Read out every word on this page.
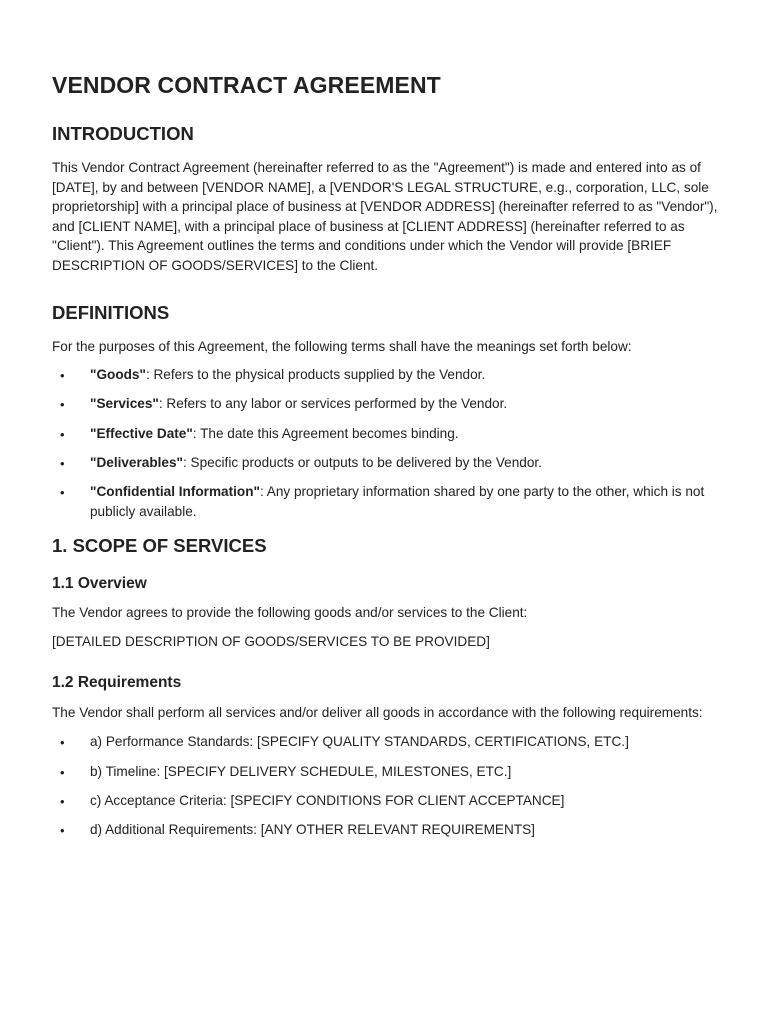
VENDOR CONTRACT AGREEMENT
INTRODUCTION

This Vendor Contract Agreement (hereinafter referred to as the "Agreement") is made and entered into as of [DATE], by and between [VENDOR NAME], a [VENDOR'S LEGAL STRUCTURE, e.g., corporation, LLC, sole proprietorship] with a principal place of business at [VENDOR ADDRESS] (hereinafter referred to as "Vendor"), and [CLIENT NAME], with a principal place of business at [CLIENT ADDRESS] (hereinafter referred to as "Client"). This Agreement outlines the terms and conditions under which the Vendor will provide [BRIEF DESCRIPTION OF GOODS/SERVICES] to the Client.

DEFINITIONS

For the purposes of this Agreement, the following terms shall have the meanings set forth below:

• "Goods": Refers to the physical products supplied by the Vendor.
• "Services": Refers to any labor or services performed by the Vendor.
• "Effective Date": The date this Agreement becomes binding.
• "Deliverables": Specific products or outputs to be delivered by the Vendor.
• "Confidential Information": Any proprietary information shared by one party to the other, which is not publicly available.
1. SCOPE OF SERVICES
1.1 Overview

The Vendor agrees to provide the following goods and/or services to the Client:

[DETAILED DESCRIPTION OF GOODS/SERVICES TO BE PROVIDED]

1.2 Requirements

The Vendor shall perform all services and/or deliver all goods in accordance with the following requirements:

• a) Performance Standards: [SPECIFY QUALITY STANDARDS, CERTIFICATIONS, ETC.]
• b) Timeline: [SPECIFY DELIVERY SCHEDULE, MILESTONES, ETC.]
• c) Acceptance Criteria: [SPECIFY CONDITIONS FOR CLIENT ACCEPTANCE]
• d) Additional Requirements: [ANY OTHER RELEVANT REQUIREMENTS]
